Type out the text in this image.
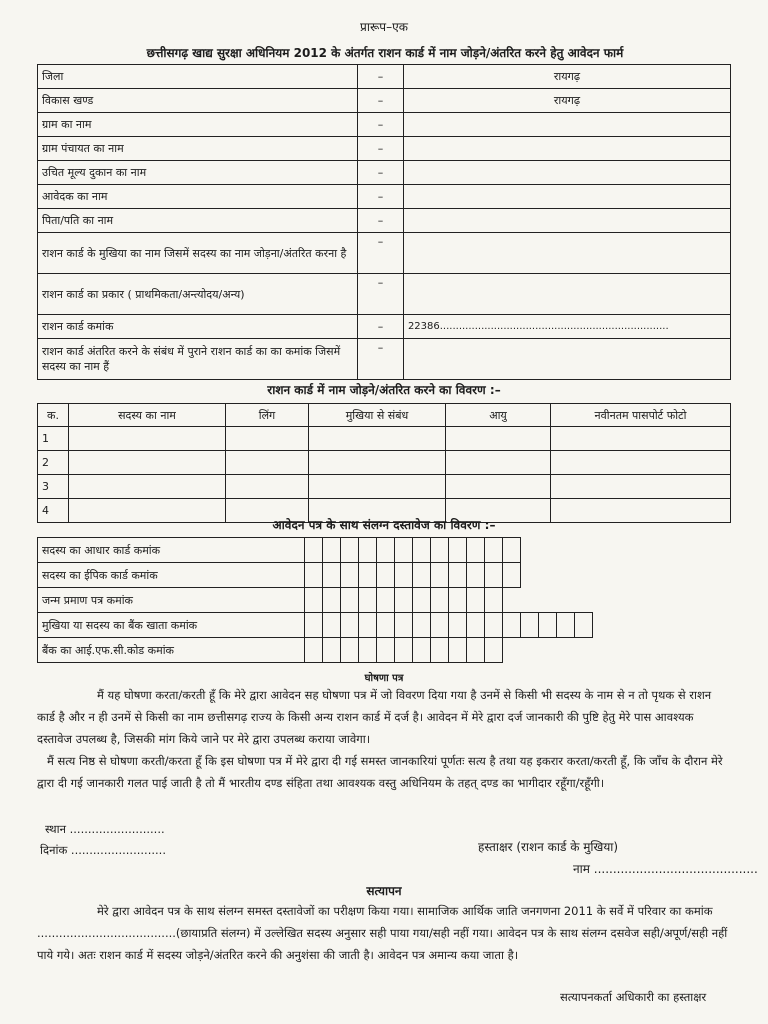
प्रारूप–एक
छत्तीसगढ़ खाद्य सुरक्षा अधिनियम 2012 के अंतर्गत राशन कार्ड में नाम जोड़ने/अंतरित करने हेतु आवेदन फार्म
जिला	–	रायगढ़
विकास खण्ड	–	रायगढ़
ग्राम का नाम	–	
ग्राम पंचायत का नाम	–	
उचित मूल्य दुकान का नाम	–	
आवेदक का नाम	–	
पिता/पति का नाम	–	
राशन कार्ड के मुखिया का नाम जिसमें सदस्य का नाम जोड़ना/अंतरित करना है	–	
राशन कार्ड का प्रकार ( प्राथमिकता/अन्त्योदय/अन्य)	–	
राशन कार्ड कमांक	–	22386........................................................................
राशन कार्ड अंतरित करने के संबंध में पुराने राशन कार्ड का का कमांक जिसमें सदस्य का नाम हैं	–	
राशन कार्ड में नाम जोड़ने/अंतरित करने का विवरण :–
क.	सदस्य का नाम	लिंग	मुखिया से संबंध	आयु	नवीनतम पासपोर्ट फोटो
1					
2					
3					
4					
आवेदन पत्र के साथ संलग्न दस्तावेज का विवरण :–
सदस्य का आधार कार्ड कमांक																
सदस्य का ईपिक कार्ड कमांक																
जन्म प्रमाण पत्र कमांक																
मुखिया या सदस्य का बैंक खाता कमांक																
बैंक का आई.एफ.सी.कोड कमांक																
घोषणा पत्र
मैं यह घोषणा करता/करती हूँ कि मेरे द्वारा आवेदन सह घोषणा पत्र में जो विवरण दिया गया है उनमें से किसी भी सदस्य के नाम से न तो पृथक से राशन कार्ड है और न ही उनमें से किसी का नाम छत्तीसगढ़ राज्य के किसी अन्य राशन कार्ड में दर्ज है। आवेदन में मेरे द्वारा दर्ज जानकारी की पुष्टि हेतु मेरे पास आवश्यक दस्तावेज उपलब्ध है, जिसकी मांग किये जाने पर मेरे द्वारा उपलब्ध कराया जावेगा।
मैं सत्य निष्ठ से घोषणा करती/करता हूँ कि इस घोषणा पत्र में मेरे द्वारा दी गई समस्त जानकारियां पूर्णतः सत्य है तथा यह इकरार करता/करती हूँ, कि जाँच के दौरान मेरे द्वारा दी गई जानकारी गलत पाई जाती है तो मैं भारतीय दण्ड संहिता तथा आवश्यक वस्तु अधिनियम के तहत् दण्ड का भागीदार रहूँगा/रहूँगी।
स्थान ..........................
दिनांक ..........................	हस्ताक्षर (राशन कार्ड के मुखिया)
नाम ...........................................
सत्यापन
मेरे द्वारा आवेदन पत्र के साथ संलग्न समस्त दस्तावेजों का परीक्षण किया गया। सामाजिक आर्थिक जाति जनगणना 2011 के सर्वे में परिवार का कमांक ......................................(छायाप्रति संलग्न) में उल्लेखित सदस्य अनुसार सही पाया गया/सही नहीं गया। आवेदन पत्र के साथ संलग्न दसवेज सही/अपूर्ण/सही नहीं पाये गये। अतः राशन कार्ड में सदस्य जोड़ने/अंतरित करने की अनुशंसा की जाती है। आवेदन पत्र अमान्य कया जाता है।
सत्यापनकर्ता अधिकारी का हस्ताक्षर
